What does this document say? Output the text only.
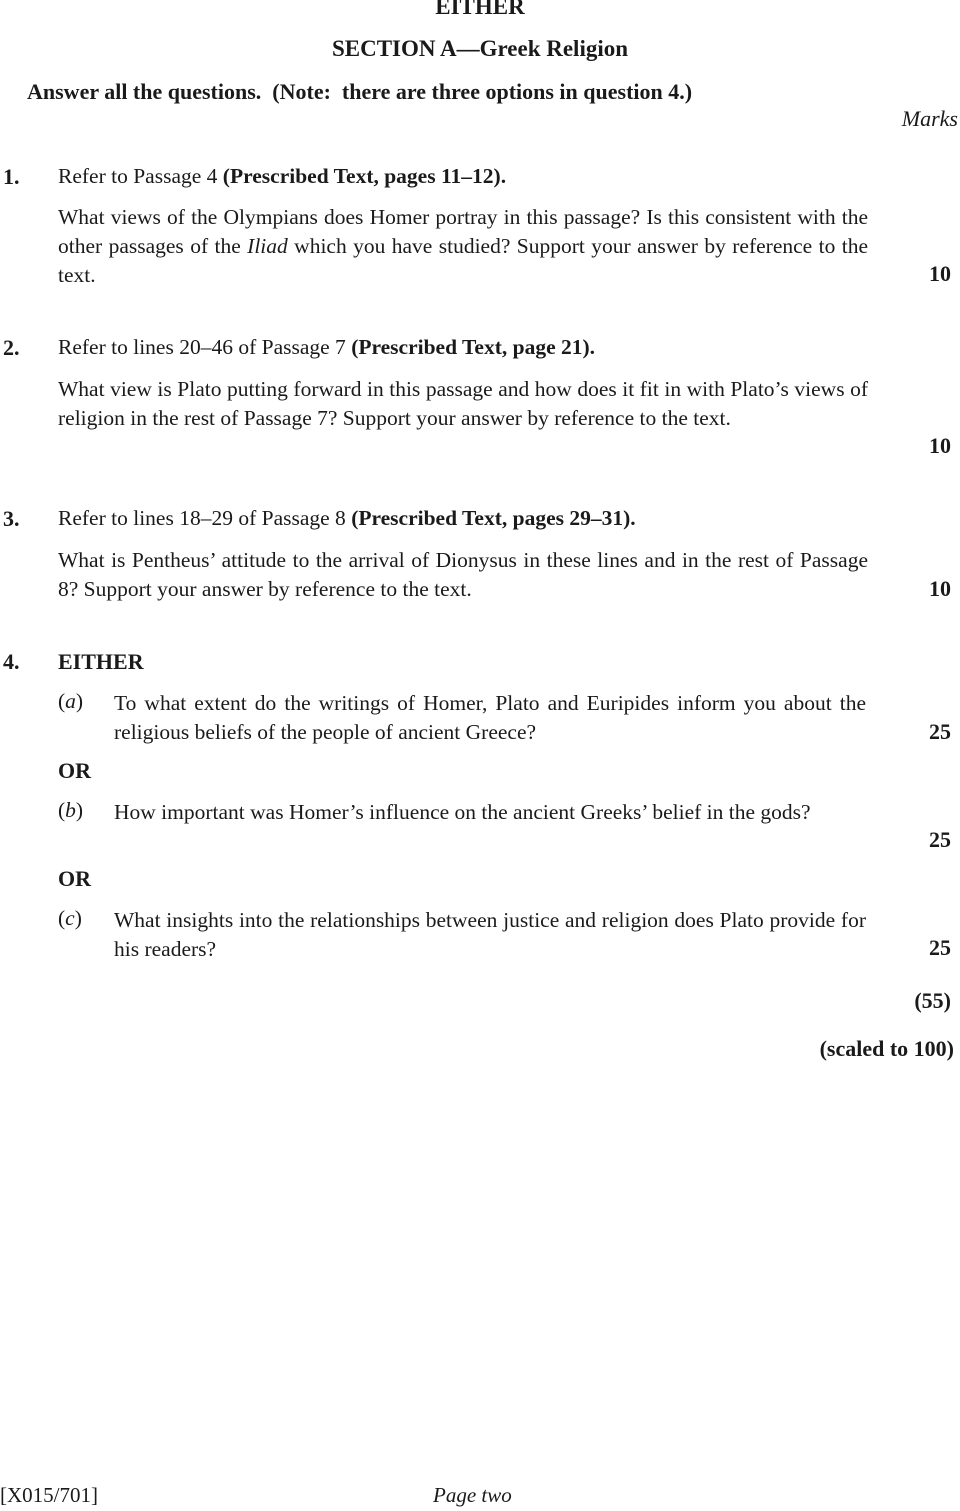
EITHER
SECTION A—Greek Religion
Answer all the questions.  (Note:  there are three options in question 4.)
Marks
1. Refer to Passage 4 (Prescribed Text, pages 11–12).
What views of the Olympians does Homer portray in this passage? Is this consistent with the other passages of the Iliad which you have studied? Support your answer by reference to the text.	10
2. Refer to lines 20–46 of Passage 7 (Prescribed Text, page 21).
What view is Plato putting forward in this passage and how does it fit in with Plato’s views of religion in the rest of Passage 7? Support your answer by reference to the text.
10
3. Refer to lines 18–29 of Passage 8 (Prescribed Text, pages 29–31).
What is Pentheus’ attitude to the arrival of Dionysus in these lines and in the rest of Passage 8? Support your answer by reference to the text.	10
4. EITHER
(a) To what extent do the writings of Homer, Plato and Euripides inform you about the religious beliefs of the people of ancient Greece?	25
OR
(b) How important was Homer’s influence on the ancient Greeks’ belief in the gods?
25
OR
(c) What insights into the relationships between justice and religion does Plato provide for his readers?	25
(55)
(scaled to 100)
[X015/701]	Page two
